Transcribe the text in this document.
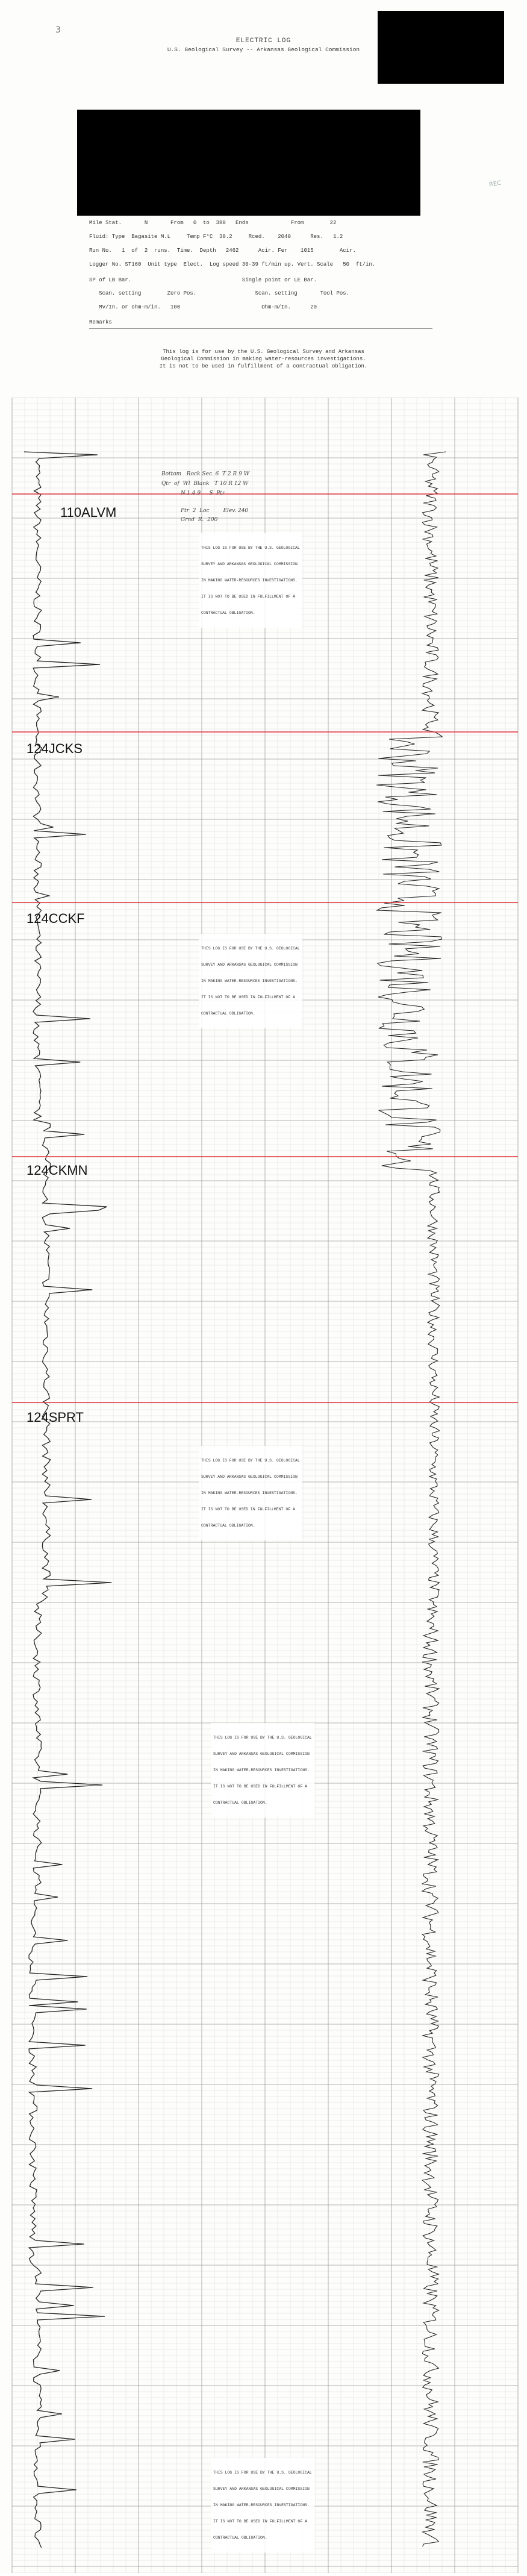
3
REC
ELECTRIC LOG
U.S. Geological Survey -- Arkansas Geological Commission
Mile Stat.       N       From   0  to  380   Ends             From        22
Fluid: Type  Bagasite M.L     Temp F°C  30.2     Rced.    2040      Res.   1.2
Run No.   1  of  2  runs.  Time.  Depth   2462      Acir. Fer    1015        Acir.
Logger No. ST160  Unit type  Elect.  Log speed 30-39 ft/min up. Vert. Scale   50  ft/in.
SP of LB Bar.                                  Single point or LE Bar.
Scan. setting        Zero Pos.                  Scan. setting       Tool Pos.
Mv/In. or ohm-m/in.   100                         Ohm-m/In.      20
Remarks
This log is for use by the U.S. Geological Survey and Arkansas
Geological Commission in making water-resources investigations.
It is not to be used in fulfillment of a contractual obligation.
110ALVM
124JCKS
124CCKF
124CKMN
124SPRT
Bottom   Rock Sec. 6  T 2 R 9 W
Qtr  of  Wl  Blank   T 10 R 12 W
N.1.4.9     S  Ptr
Ptr  2  Loc        Elev. 240
Grnd  R.  200

THIS LOG IS FOR USE BY THE U.S. GEOLOGICAL

SURVEY AND ARKANSAS GEOLOGICAL COMMISSION

IN MAKING WATER-RESOURCES INVESTIGATIONS.

IT IS NOT TO BE USED IN FULFILLMENT OF A

CONTRACTUAL OBLIGATION.

THIS LOG IS FOR USE BY THE U.S. GEOLOGICAL

SURVEY AND ARKANSAS GEOLOGICAL COMMISSION

IN MAKING WATER-RESOURCES INVESTIGATIONS.

IT IS NOT TO BE USED IN FULFILLMENT OF A

CONTRACTUAL OBLIGATION.

THIS LOG IS FOR USE BY THE U.S. GEOLOGICAL

SURVEY AND ARKANSAS GEOLOGICAL COMMISSION

IN MAKING WATER-RESOURCES INVESTIGATIONS.

IT IS NOT TO BE USED IN FULFILLMENT OF A

CONTRACTUAL OBLIGATION.

THIS LOG IS FOR USE BY THE U.S. GEOLOGICAL

SURVEY AND ARKANSAS GEOLOGICAL COMMISSION

IN MAKING WATER-RESOURCES INVESTIGATIONS.

IT IS NOT TO BE USED IN FULFILLMENT OF A

CONTRACTUAL OBLIGATION.

THIS LOG IS FOR USE BY THE U.S. GEOLOGICAL

SURVEY AND ARKANSAS GEOLOGICAL COMMISSION

IN MAKING WATER-RESOURCES INVESTIGATIONS.

IT IS NOT TO BE USED IN FULFILLMENT OF A

CONTRACTUAL OBLIGATION.
